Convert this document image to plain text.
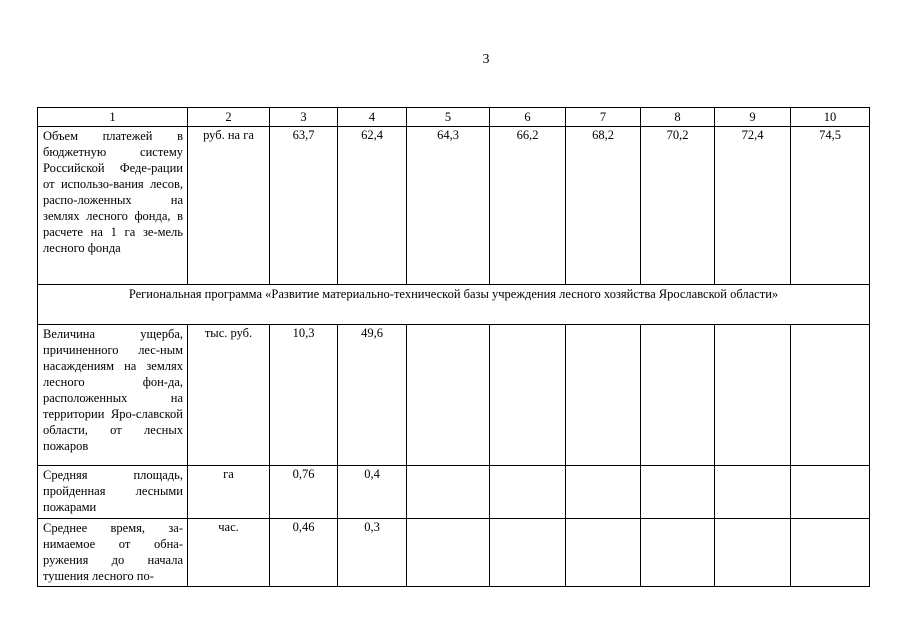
3
1	2	3	4	5	6	7	8	9	10
Объем платежей в бюджетную систему Российской Феде-рации от использо-вания лесов, распо-ложенных на землях лесного фонда, в расчете на 1 га зе-мель лесного фонда	руб. на га	63,7	62,4	64,3	66,2	68,2	70,2	72,4	74,5
Региональная программа «Развитие материально-технической базы учреждения лесного хозяйства Ярославской области»									
Величина ущерба, причиненного лес-ным насаждениям на землях лесного фон-да, расположенных на территории Яро-славской области, от лесных пожаров	тыс. руб.	10,3	49,6						
Средняя площадь, пройденная лесными пожарами	га	0,76	0,4						
Среднее время, за-нимаемое от обна-ружения до начала тушения лесного по-	час.	0,46	0,3						
